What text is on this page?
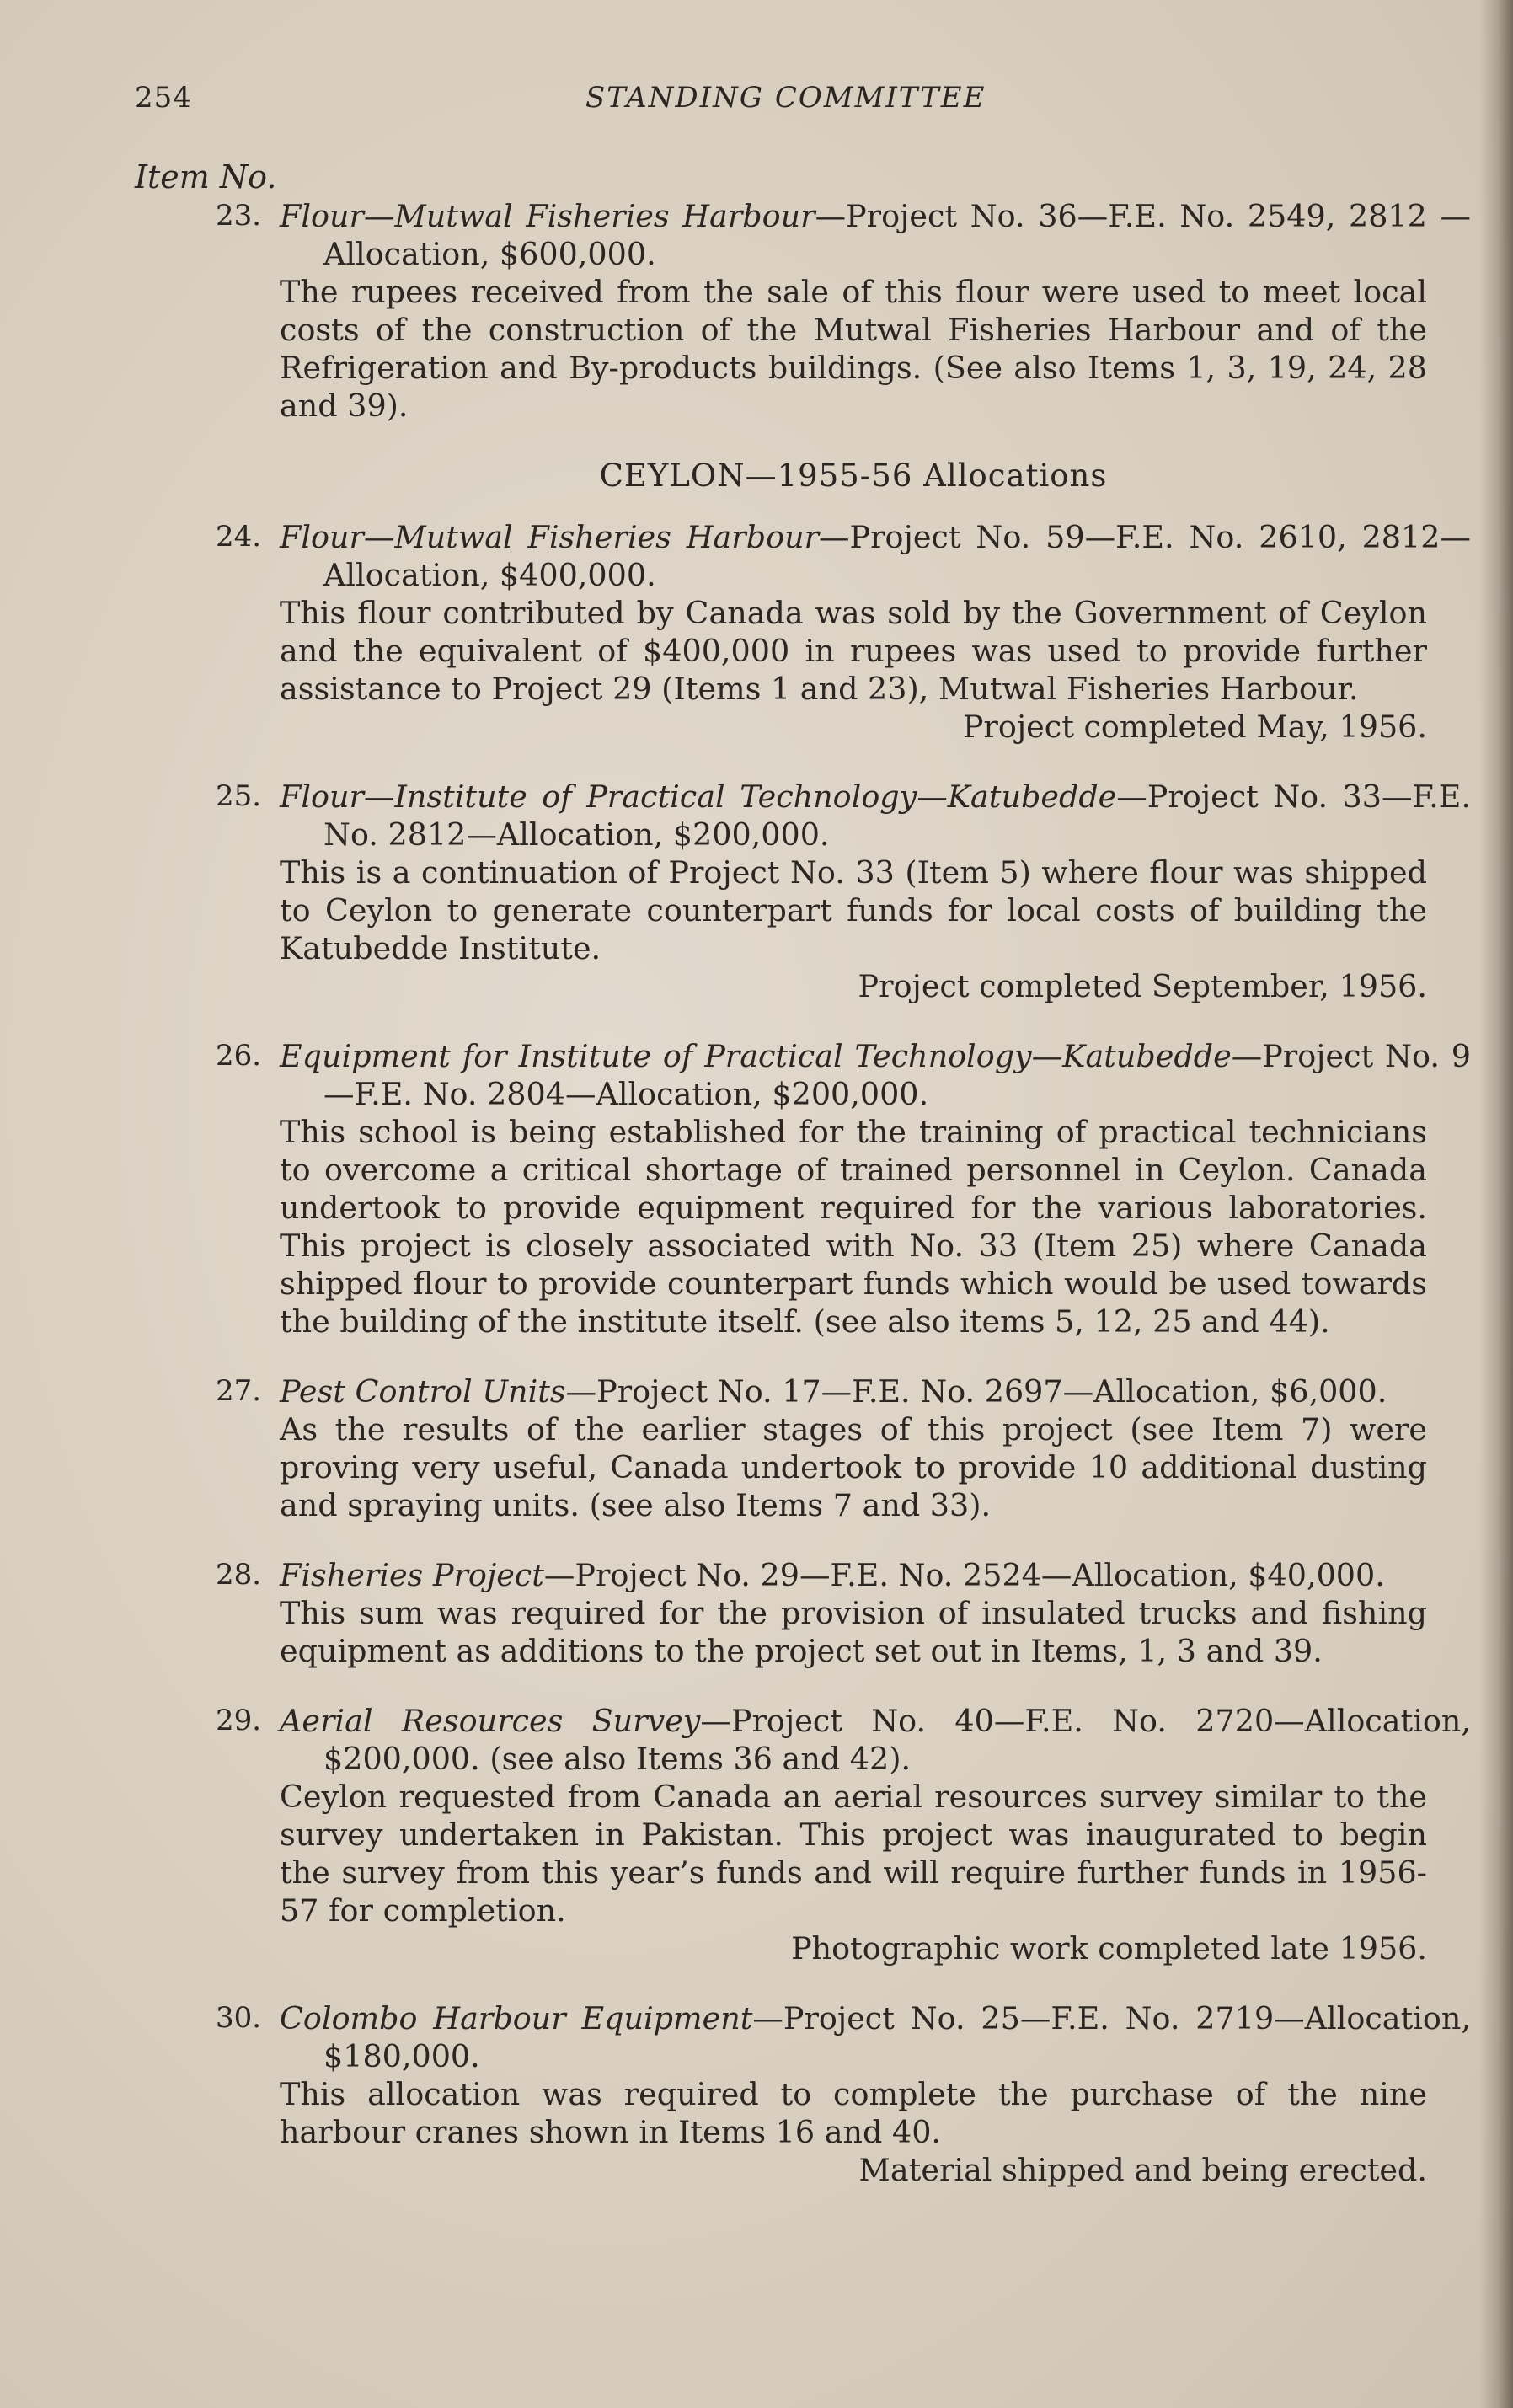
254	STANDING COMMITTEE
Item No.
23. Flour—Mutwal Fisheries Harbour—Project No. 36—F.E. No. 2549, 2812 —Allocation, $600,000.
The rupees received from the sale of this flour were used to meet local costs of the construction of the Mutwal Fisheries Harbour and of the Refrigeration and By-products buildings. (See also Items 1, 3, 19, 24, 28 and 39).
CEYLON—1955-56 Allocations
24. Flour—Mutwal Fisheries Harbour—Project No. 59—F.E. No. 2610, 2812—Allocation, $400,000.
This flour contributed by Canada was sold by the Government of Ceylon and the equivalent of $400,000 in rupees was used to provide further assistance to Project 29 (Items 1 and 23), Mutwal Fisheries Harbour.
Project completed May, 1956.
25. Flour—Institute of Practical Technology—Katubedde—Project No. 33—F.E. No. 2812—Allocation, $200,000.
This is a continuation of Project No. 33 (Item 5) where flour was shipped to Ceylon to generate counterpart funds for local costs of building the Katubedde Institute.
Project completed September, 1956.
26. Equipment for Institute of Practical Technology—Katubedde—Project No. 9—F.E. No. 2804—Allocation, $200,000.
This school is being established for the training of practical technicians to overcome a critical shortage of trained personnel in Ceylon. Canada undertook to provide equipment required for the various laboratories. This project is closely associated with No. 33 (Item 25) where Canada shipped flour to provide counterpart funds which would be used towards the building of the institute itself. (see also items 5, 12, 25 and 44).
27. Pest Control Units—Project No. 17—F.E. No. 2697—Allocation, $6,000.
As the results of the earlier stages of this project (see Item 7) were proving very useful, Canada undertook to provide 10 additional dusting and spraying units. (see also Items 7 and 33).
28. Fisheries Project—Project No. 29—F.E. No. 2524—Allocation, $40,000.
This sum was required for the provision of insulated trucks and fishing equipment as additions to the project set out in Items, 1, 3 and 39.
29. Aerial Resources Survey—Project No. 40—F.E. No. 2720—Allocation, $200,000. (see also Items 36 and 42).
Ceylon requested from Canada an aerial resources survey similar to the survey undertaken in Pakistan. This project was inaugurated to begin the survey from this year’s funds and will require further funds in 1956-57 for completion.
Photographic work completed late 1956.
30. Colombo Harbour Equipment—Project No. 25—F.E. No. 2719—Allocation, $180,000.
This allocation was required to complete the purchase of the nine harbour cranes shown in Items 16 and 40.
Material shipped and being erected.
